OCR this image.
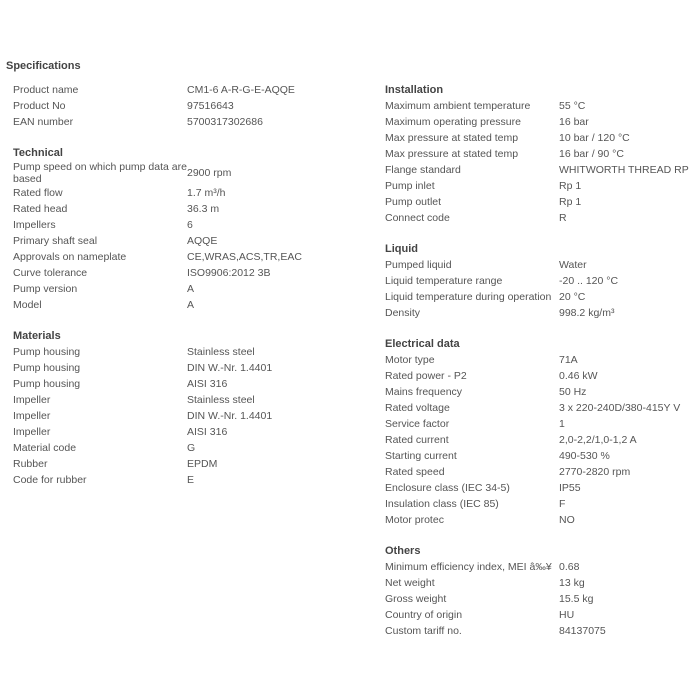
Specifications
Product name	CM1-6 A-R-G-E-AQQE
Product No	97516643
EAN number	5700317302686
Technical
Pump speed on which pump data are based	2900 rpm
Rated flow	1.7 m³/h
Rated head	36.3 m
Impellers	6
Primary shaft seal	AQQE
Approvals on nameplate	CE,WRAS,ACS,TR,EAC
Curve tolerance	ISO9906:2012 3B
Pump version	A
Model	A
Materials
Pump housing	Stainless steel
Pump housing	DIN W.-Nr. 1.4401
Pump housing	AISI 316
Impeller	Stainless steel
Impeller	DIN W.-Nr. 1.4401
Impeller	AISI 316
Material code	G
Rubber	EPDM
Code for rubber	E
Installation
Maximum ambient temperature	55 °C
Maximum operating pressure	16 bar
Max pressure at stated temp	10 bar / 120 °C
Max pressure at stated temp	16 bar / 90 °C
Flange standard	WHITWORTH THREAD RP
Pump inlet	Rp 1
Pump outlet	Rp 1
Connect code	R
Liquid
Pumped liquid	Water
Liquid temperature range	-20 .. 120 °C
Liquid temperature during operation 20 °C
Density	998.2 kg/m³
Electrical data
Motor type	71A
Rated power - P2	0.46 kW
Mains frequency	50 Hz
Rated voltage	3 x 220-240D/380-415Y V
Service factor	1
Rated current	2,0-2,2/1,0-1,2 A
Starting current	490-530 %
Rated speed	2770-2820 rpm
Enclosure class (IEC 34-5)	IP55
Insulation class (IEC 85)	F
Motor protec	NO
Others
Minimum efficiency index, MEI â‰¥ 0.68
Net weight	13 kg
Gross weight	15.5 kg
Country of origin	HU
Custom tariff no.	84137075
